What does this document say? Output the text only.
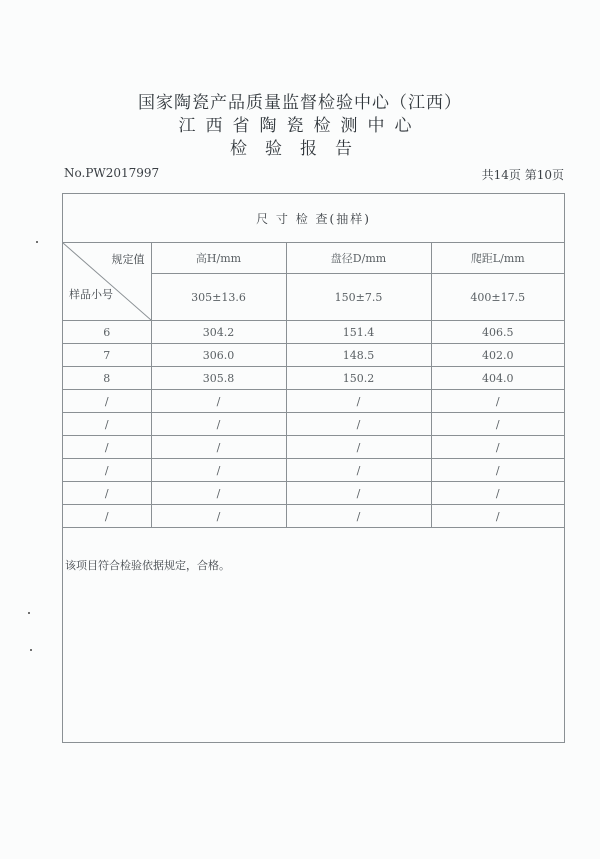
国家陶瓷产品质量监督检验中心（江西）
江西省陶瓷检测中心
检验报告
No.PW2017997	共14页 第10页
尺 寸 检 查(抽样)
规定值
样品小号	高H/mm	盘径D/mm	爬距L/mm
	305±13.6	150±7.5	400±17.5
6	304.2	151.4	406.5
7	306.0	148.5	402.0
8	305.8	150.2	404.0
/	/	/	/
/	/	/	/
/	/	/	/
/	/	/	/
/	/	/	/
/	/	/	/
该项目符合检验依据规定，合格。
